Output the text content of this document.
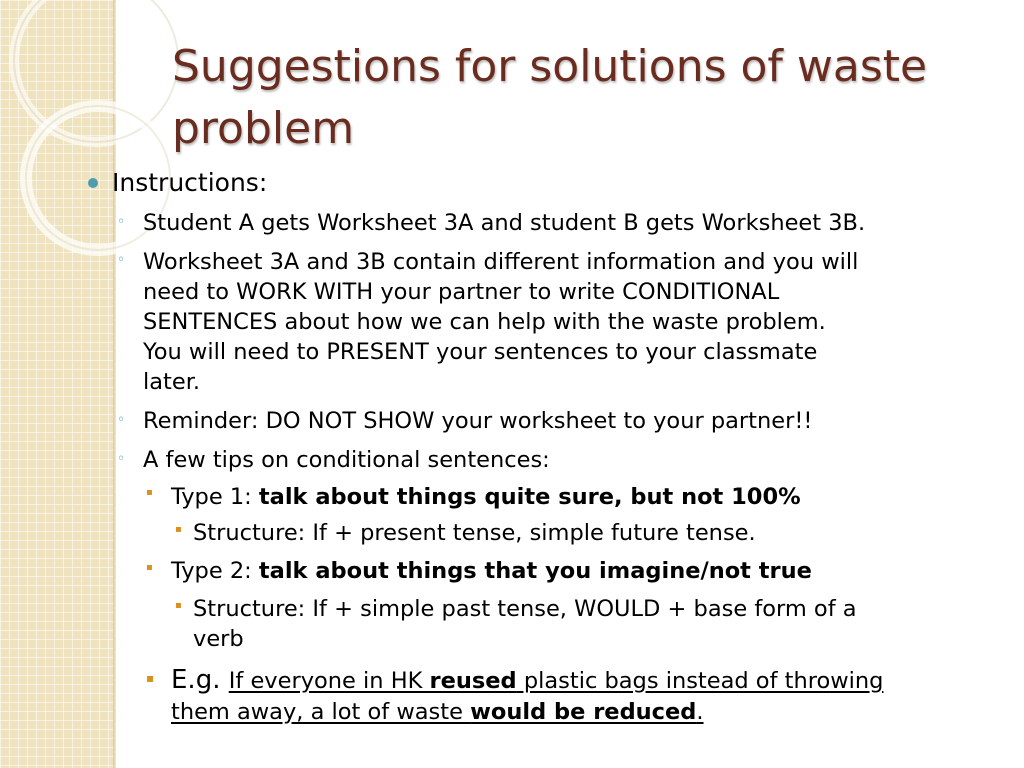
Suggestions for solutions of waste problem
Instructions:
◦ Student A gets Worksheet 3A and student B gets Worksheet 3B.
◦ Worksheet 3A and 3B contain different information and you will
need to WORK WITH your partner to write CONDITIONAL
SENTENCES about how we can help with the waste problem.
You will need to PRESENT your sentences to your classmate
later.
◦ Reminder: DO NOT SHOW your worksheet to your partner!!
◦ A few tips on conditional sentences:
▪ Type 1: talk about things quite sure, but not 100%
▪ Structure: If + present tense, simple future tense.
▪ Type 2: talk about things that you imagine/not true
▪ Structure: If + simple past tense, WOULD + base form of a
verb
▪ E.g. If everyone in HK reused plastic bags instead of throwing
them away, a lot of waste would be reduced.
